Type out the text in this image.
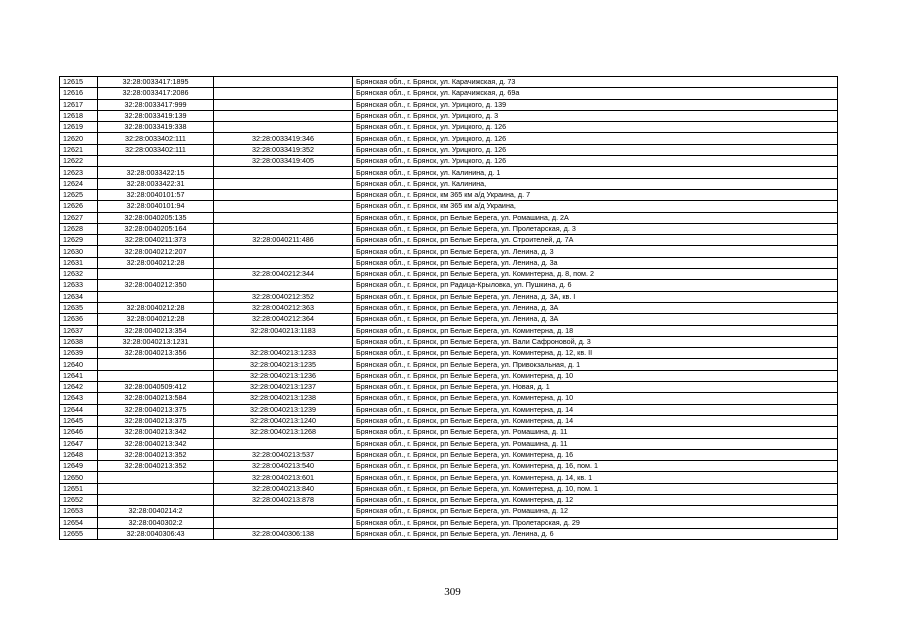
12615	32:28:0033417:1895		Брянская обл., г. Брянск, ул. Карачижская, д. 73
12616	32:28:0033417:2086		Брянская обл., г. Брянск, ул. Карачижская, д. 69а
12617	32:28:0033417:999		Брянская обл., г. Брянск, ул. Урицкого, д. 139
12618	32:28:0033419:139		Брянская обл., г. Брянск, ул. Урицкого, д. 3
12619	32:28:0033419:338		Брянская обл., г. Брянск, ул. Урицкого, д. 126
12620	32:28:0033402:111	32:28:0033419:346	Брянская обл., г. Брянск, ул. Урицкого, д. 126
12621	32:28:0033402:111	32:28:0033419:352	Брянская обл., г. Брянск, ул. Урицкого, д. 126
12622		32:28:0033419:405	Брянская обл., г. Брянск, ул. Урицкого, д. 126
12623	32:28:0033422:15		Брянская обл., г. Брянск, ул. Калинина, д. 1
12624	32:28:0033422:31		Брянская обл., г. Брянск, ул. Калинина,
12625	32:28:0040101:57		Брянская обл., г. Брянск, км 365 км а/д Украина, д. 7
12626	32:28:0040101:94		Брянская обл., г. Брянск, км 365 км а/д Украина,
12627	32:28:0040205:135		Брянская обл., г. Брянск, рп Белые Берега, ул. Ромашина, д. 2А
12628	32:28:0040205:164		Брянская обл., г. Брянск, рп Белые Берега, ул. Пролетарская, д. 3
12629	32:28:0040211:373	32:28:0040211:486	Брянская обл., г. Брянск, рп Белые Берега, ул. Строителей, д. 7А
12630	32:28:0040212:207		Брянская обл., г. Брянск, рп Белые Берега, ул. Ленина, д. 3
12631	32:28:0040212:28		Брянская обл., г. Брянск, рп Белые Берега, ул. Ленина, д. 3а
12632		32:28:0040212:344	Брянская обл., г. Брянск, рп Белые Берега, ул. Коминтерна, д. 8, пом. 2
12633	32:28:0040212:350		Брянская обл., г. Брянск, рп Радица-Крыловка, ул. Пушкина, д. 6
12634		32:28:0040212:352	Брянская обл., г. Брянск, рп Белые Берега, ул. Ленина, д. 3А, кв. I
12635	32:28:0040212:28	32:28:0040212:363	Брянская обл., г. Брянск, рп Белые Берега, ул. Ленина, д. 3А
12636	32:28:0040212:28	32:28:0040212:364	Брянская обл., г. Брянск, рп Белые Берега, ул. Ленина, д. 3А
12637	32:28:0040213:354	32:28:0040213:1183	Брянская обл., г. Брянск, рп Белые Берега, ул. Коминтерна, д. 18
12638	32:28:0040213:1231		Брянская обл., г. Брянск, рп Белые Берега, ул. Вали Сафроновой, д. 3
12639	32:28:0040213:356	32:28:0040213:1233	Брянская обл., г. Брянск, рп Белые Берега, ул. Коминтерна, д. 12, кв. II
12640		32:28:0040213:1235	Брянская обл., г. Брянск, рп Белые Берега, ул. Привокзальная, д. 1
12641		32:28:0040213:1236	Брянская обл., г. Брянск, рп Белые Берега, ул. Коминтерна, д. 10
12642	32:28:0040509:412	32:28:0040213:1237	Брянская обл., г. Брянск, рп Белые Берега, ул. Новая, д. 1
12643	32:28:0040213:584	32:28:0040213:1238	Брянская обл., г. Брянск, рп Белые Берега, ул. Коминтерна, д. 10
12644	32:28:0040213:375	32:28:0040213:1239	Брянская обл., г. Брянск, рп Белые Берега, ул. Коминтерна, д. 14
12645	32:28:0040213:375	32:28:0040213:1240	Брянская обл., г. Брянск, рп Белые Берега, ул. Коминтерна, д. 14
12646	32:28:0040213:342	32:28:0040213:1268	Брянская обл., г. Брянск, рп Белые Берега, ул. Ромашина, д. 11
12647	32:28:0040213:342		Брянская обл., г. Брянск, рп Белые Берега, ул. Ромашина, д. 11
12648	32:28:0040213:352	32:28:0040213:537	Брянская обл., г. Брянск, рп Белые Берега, ул. Коминтерна, д. 16
12649	32:28:0040213:352	32:28:0040213:540	Брянская обл., г. Брянск, рп Белые Берега, ул. Коминтерна, д. 16, пом. 1
12650		32:28:0040213:601	Брянская обл., г. Брянск, рп Белые Берега, ул. Коминтерна, д. 14, кв. 1
12651		32:28:0040213:840	Брянская обл., г. Брянск, рп Белые Берега, ул. Коминтерна, д. 10, пом. 1
12652		32:28:0040213:878	Брянская обл., г. Брянск, рп Белые Берега, ул. Коминтерна, д. 12
12653	32:28:0040214:2		Брянская обл., г. Брянск, рп Белые Берега, ул. Ромашина, д. 12
12654	32:28:0040302:2		Брянская обл., г. Брянск, рп Белые Берега, ул. Пролетарская, д. 29
12655	32:28:0040306:43	32:28:0040306:138	Брянская обл., г. Брянск, рп Белые Берега, ул. Ленина, д. 6
309
